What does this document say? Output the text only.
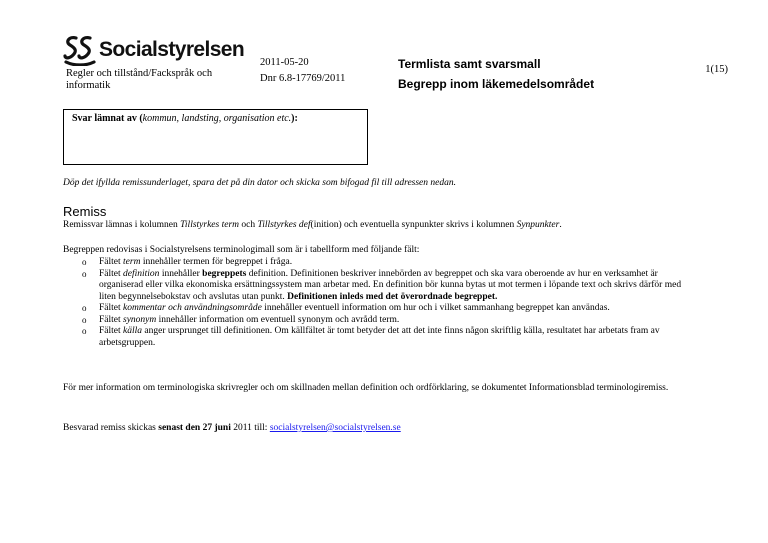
Socialstyrelsen
Regler och tillstånd/Fackspråk och informatik
2011-05-20
Dnr 6.8-17769/2011
Termlista samt svarsmall
Begrepp inom läkemedelsområdet
1(15)
Svar lämnat av (kommun, landsting, organisation etc.):
Döp det ifyllda remissunderlaget, spara det på din dator och skicka som bifogad fil till adressen nedan.
Remiss
Remissvar lämnas i kolumnen Tillstyrkes term och Tillstyrkes def(inition) och eventuella synpunkter skrivs i kolumnen Synpunkter.
Begreppen redovisas i Socialstyrelsens terminologimall som är i tabellform med följande fält:
o Fältet term innehåller termen för begreppet i fråga.
o Fältet definition innehåller begreppets definition. Definitionen beskriver innebörden av begreppet och ska vara oberoende av hur en verksamhet är organiserad eller vilka ekonomiska ersättningssystem man arbetar med. En definition bör kunna bytas ut mot termen i löpande text och skrivs därför med liten begynnelsebokstav och avslutas utan punkt. Definitionen inleds med det överordnade begreppet.
o Fältet kommentar och användningsområde innehåller eventuell information om hur och i vilket sammanhang begreppet kan användas.
o Fältet synonym innehåller information om eventuell synonym och avrådd term.
o Fältet källa anger ursprunget till definitionen. Om källfältet är tomt betyder det att det inte finns någon skriftlig källa, resultatet har arbetats fram av arbetsgruppen.
För mer information om terminologiska skrivregler och om skillnaden mellan definition och ordförklaring, se dokumentet Informationsblad terminologiremiss.
Besvarad remiss skickas senast den 27 juni 2011 till: socialstyrelsen@socialstyrelsen.se
